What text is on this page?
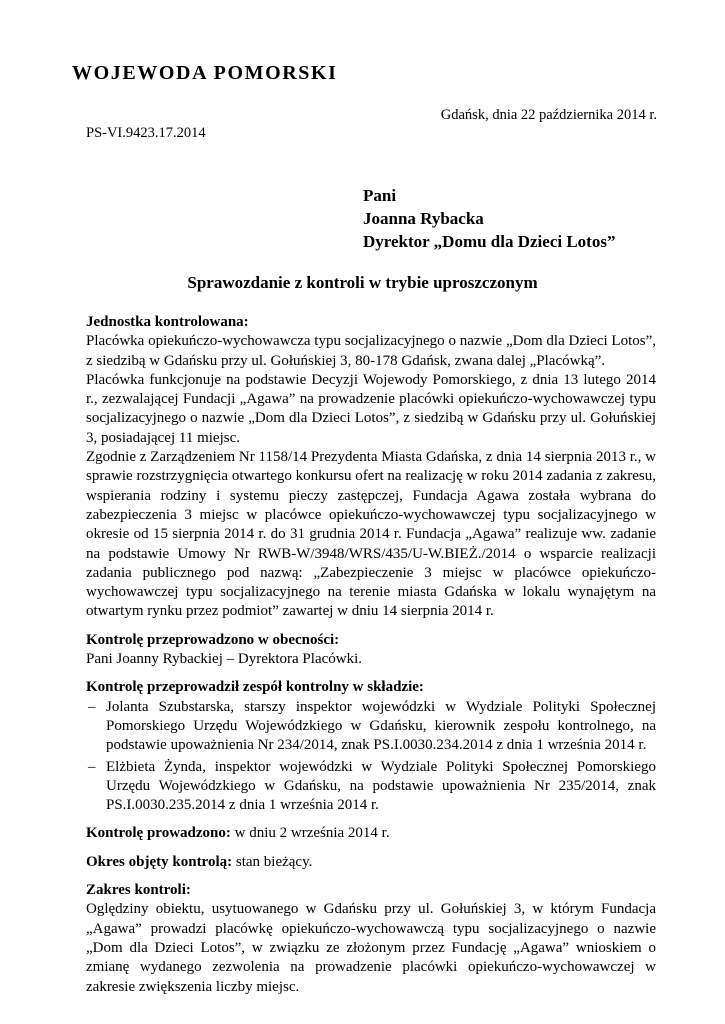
WOJEWODA POMORSKI
Gdańsk, dnia 22 października 2014 r.
PS-VI.9423.17.2014
Pani
Joanna Rybacka
Dyrektor „Domu dla Dzieci Lotos”
Sprawozdanie z kontroli w trybie uproszczonym
Jednostka kontrolowana:

Placówka opiekuńczo-wychowawcza typu socjalizacyjnego o nazwie „Dom dla Dzieci Lotos”, z siedzibą w Gdańsku przy ul. Gołuńskiej 3, 80-178 Gdańsk, zwana dalej „Placówką”.

Placówka funkcjonuje na podstawie Decyzji Wojewody Pomorskiego, z dnia 13 lutego 2014 r., zezwalającej Fundacji „Agawa” na prowadzenie placówki opiekuńczo-wychowawczej typu socjalizacyjnego o nazwie „Dom dla Dzieci Lotos”, z siedzibą w Gdańsku przy ul. Gołuńskiej 3, posiadającej 11 miejsc.

Zgodnie z Zarządzeniem Nr 1158/14 Prezydenta Miasta Gdańska, z dnia 14 sierpnia 2013 r., w sprawie rozstrzygnięcia otwartego konkursu ofert na realizację w roku 2014 zadania z zakresu, wspierania rodziny i systemu pieczy zastępczej, Fundacja Agawa została wybrana do zabezpieczenia 3 miejsc w placówce opiekuńczo-wychowawczej typu socjalizacyjnego w okresie od 15 sierpnia 2014 r. do 31 grudnia 2014 r. Fundacja „Agawa” realizuje ww. zadanie na podstawie Umowy Nr RWB-W/3948/WRS/435/U-W.BIEŻ./2014 o wsparcie realizacji zadania publicznego pod nazwą: „Zabezpieczenie 3 miejsc w placówce opiekuńczo-wychowawczej typu socjalizacyjnego na terenie miasta Gdańska w lokalu wynajętym na otwartym rynku przez podmiot” zawartej w dniu 14 sierpnia 2014 r.

Kontrolę przeprowadzono w obecności:

Pani Joanny Rybackiej – Dyrektora Placówki.

Kontrolę przeprowadził zespół kontrolny w składzie:
– Jolanta Szubstarska, starszy inspektor wojewódzki w Wydziale Polityki Społecznej Pomorskiego Urzędu Wojewódzkiego w Gdańsku, kierownik zespołu kontrolnego, na podstawie upoważnienia Nr 234/2014, znak PS.I.0030.234.2014 z dnia 1 września 2014 r.
– Elżbieta Żynda, inspektor wojewódzki w Wydziale Polityki Społecznej Pomorskiego Urzędu Wojewódzkiego w Gdańsku, na podstawie upoważnienia Nr 235/2014, znak PS.I.0030.235.2014 z dnia 1 września 2014 r.

Kontrolę prowadzono: w dniu 2 września 2014 r.

Okres objęty kontrolą: stan bieżący.

Zakres kontroli:

Oględziny obiektu, usytuowanego w Gdańsku przy ul. Gołuńskiej 3, w którym Fundacja „Agawa” prowadzi placówkę opiekuńczo-wychowawczą typu socjalizacyjnego o nazwie „Dom dla Dzieci Lotos”, w związku ze złożonym przez Fundację „Agawa” wnioskiem o zmianę wydanego zezwolenia na prowadzenie placówki opiekuńczo-wychowawczej w zakresie zwiększenia liczby miejsc.
